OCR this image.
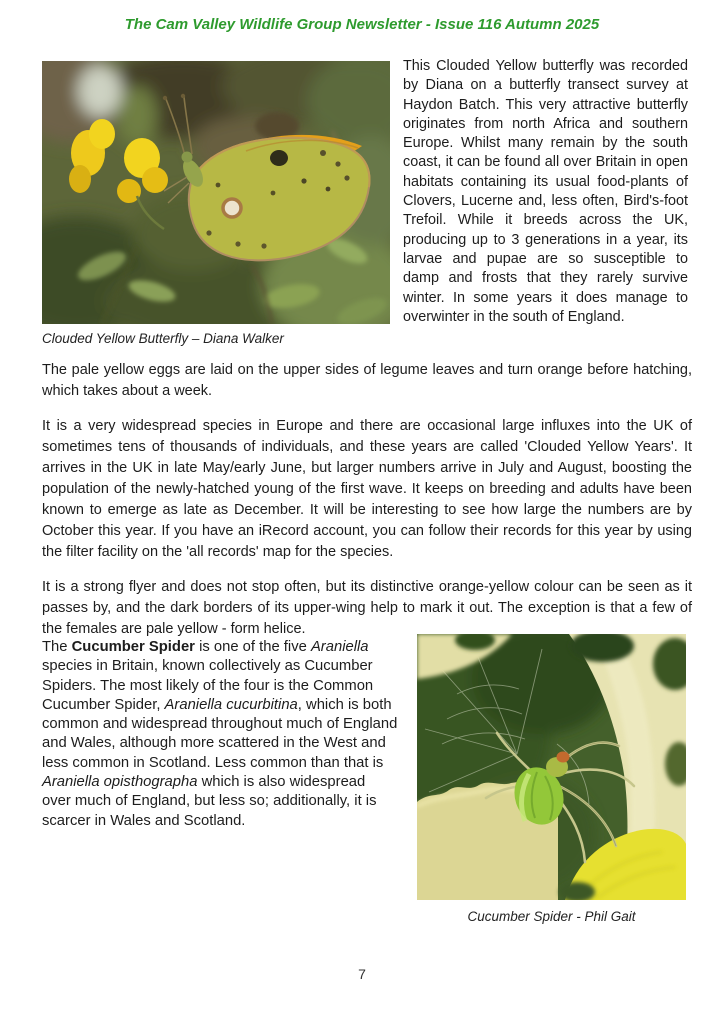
The Cam Valley Wildlife Group Newsletter - Issue 116 Autumn 2025
This Clouded Yellow butterfly was recorded by Diana on a butterfly transect survey at Haydon Batch. This very attractive butterfly originates from north Africa and southern Europe. Whilst many remain by the south coast, it can be found all over Britain in open habitats containing its usual food-plants of Clovers, Lucerne and, less often, Bird's-foot Trefoil. While it breeds across the UK, producing up to 3 generations in a year, its larvae and pupae are so susceptible to damp and frosts that they rarely survive winter. In some years it does manage to overwinter in the south of England.
Clouded Yellow Butterfly – Diana Walker

The pale yellow eggs are laid on the upper sides of legume leaves and turn orange before hatching, which takes about a week.

It is a very widespread species in Europe and there are occasional large influxes into the UK of sometimes tens of thousands of individuals, and these years are called 'Clouded Yellow Years'. It arrives in the UK in late May/early June, but larger numbers arrive in July and August, boosting the population of the newly-hatched young of the first wave. It keeps on breeding and adults have been known to emerge as late as December. It will be interesting to see how large the numbers are by October this year. If you have an iRecord account, you can follow their records for this year by using the filter facility on the 'all records' map for the species.

It is a strong flyer and does not stop often, but its distinctive orange-yellow colour can be seen as it passes by, and the dark borders of its upper-wing help to mark it out. The exception is that a few of the females are pale yellow - form helice.

The Cucumber Spider is one of the five Araniella species in Britain, known collectively as Cucumber Spiders. The most likely of the four is the Common Cucumber Spider, Araniella cucurbitina, which is both common and widespread throughout much of England and Wales, although more scattered in the West and less common in Scotland. Less common than that is Araniella opisthographa which is also widespread over much of England, but less so; additionally, it is scarcer in Wales and Scotland.
Cucumber Spider - Phil Gait
7
